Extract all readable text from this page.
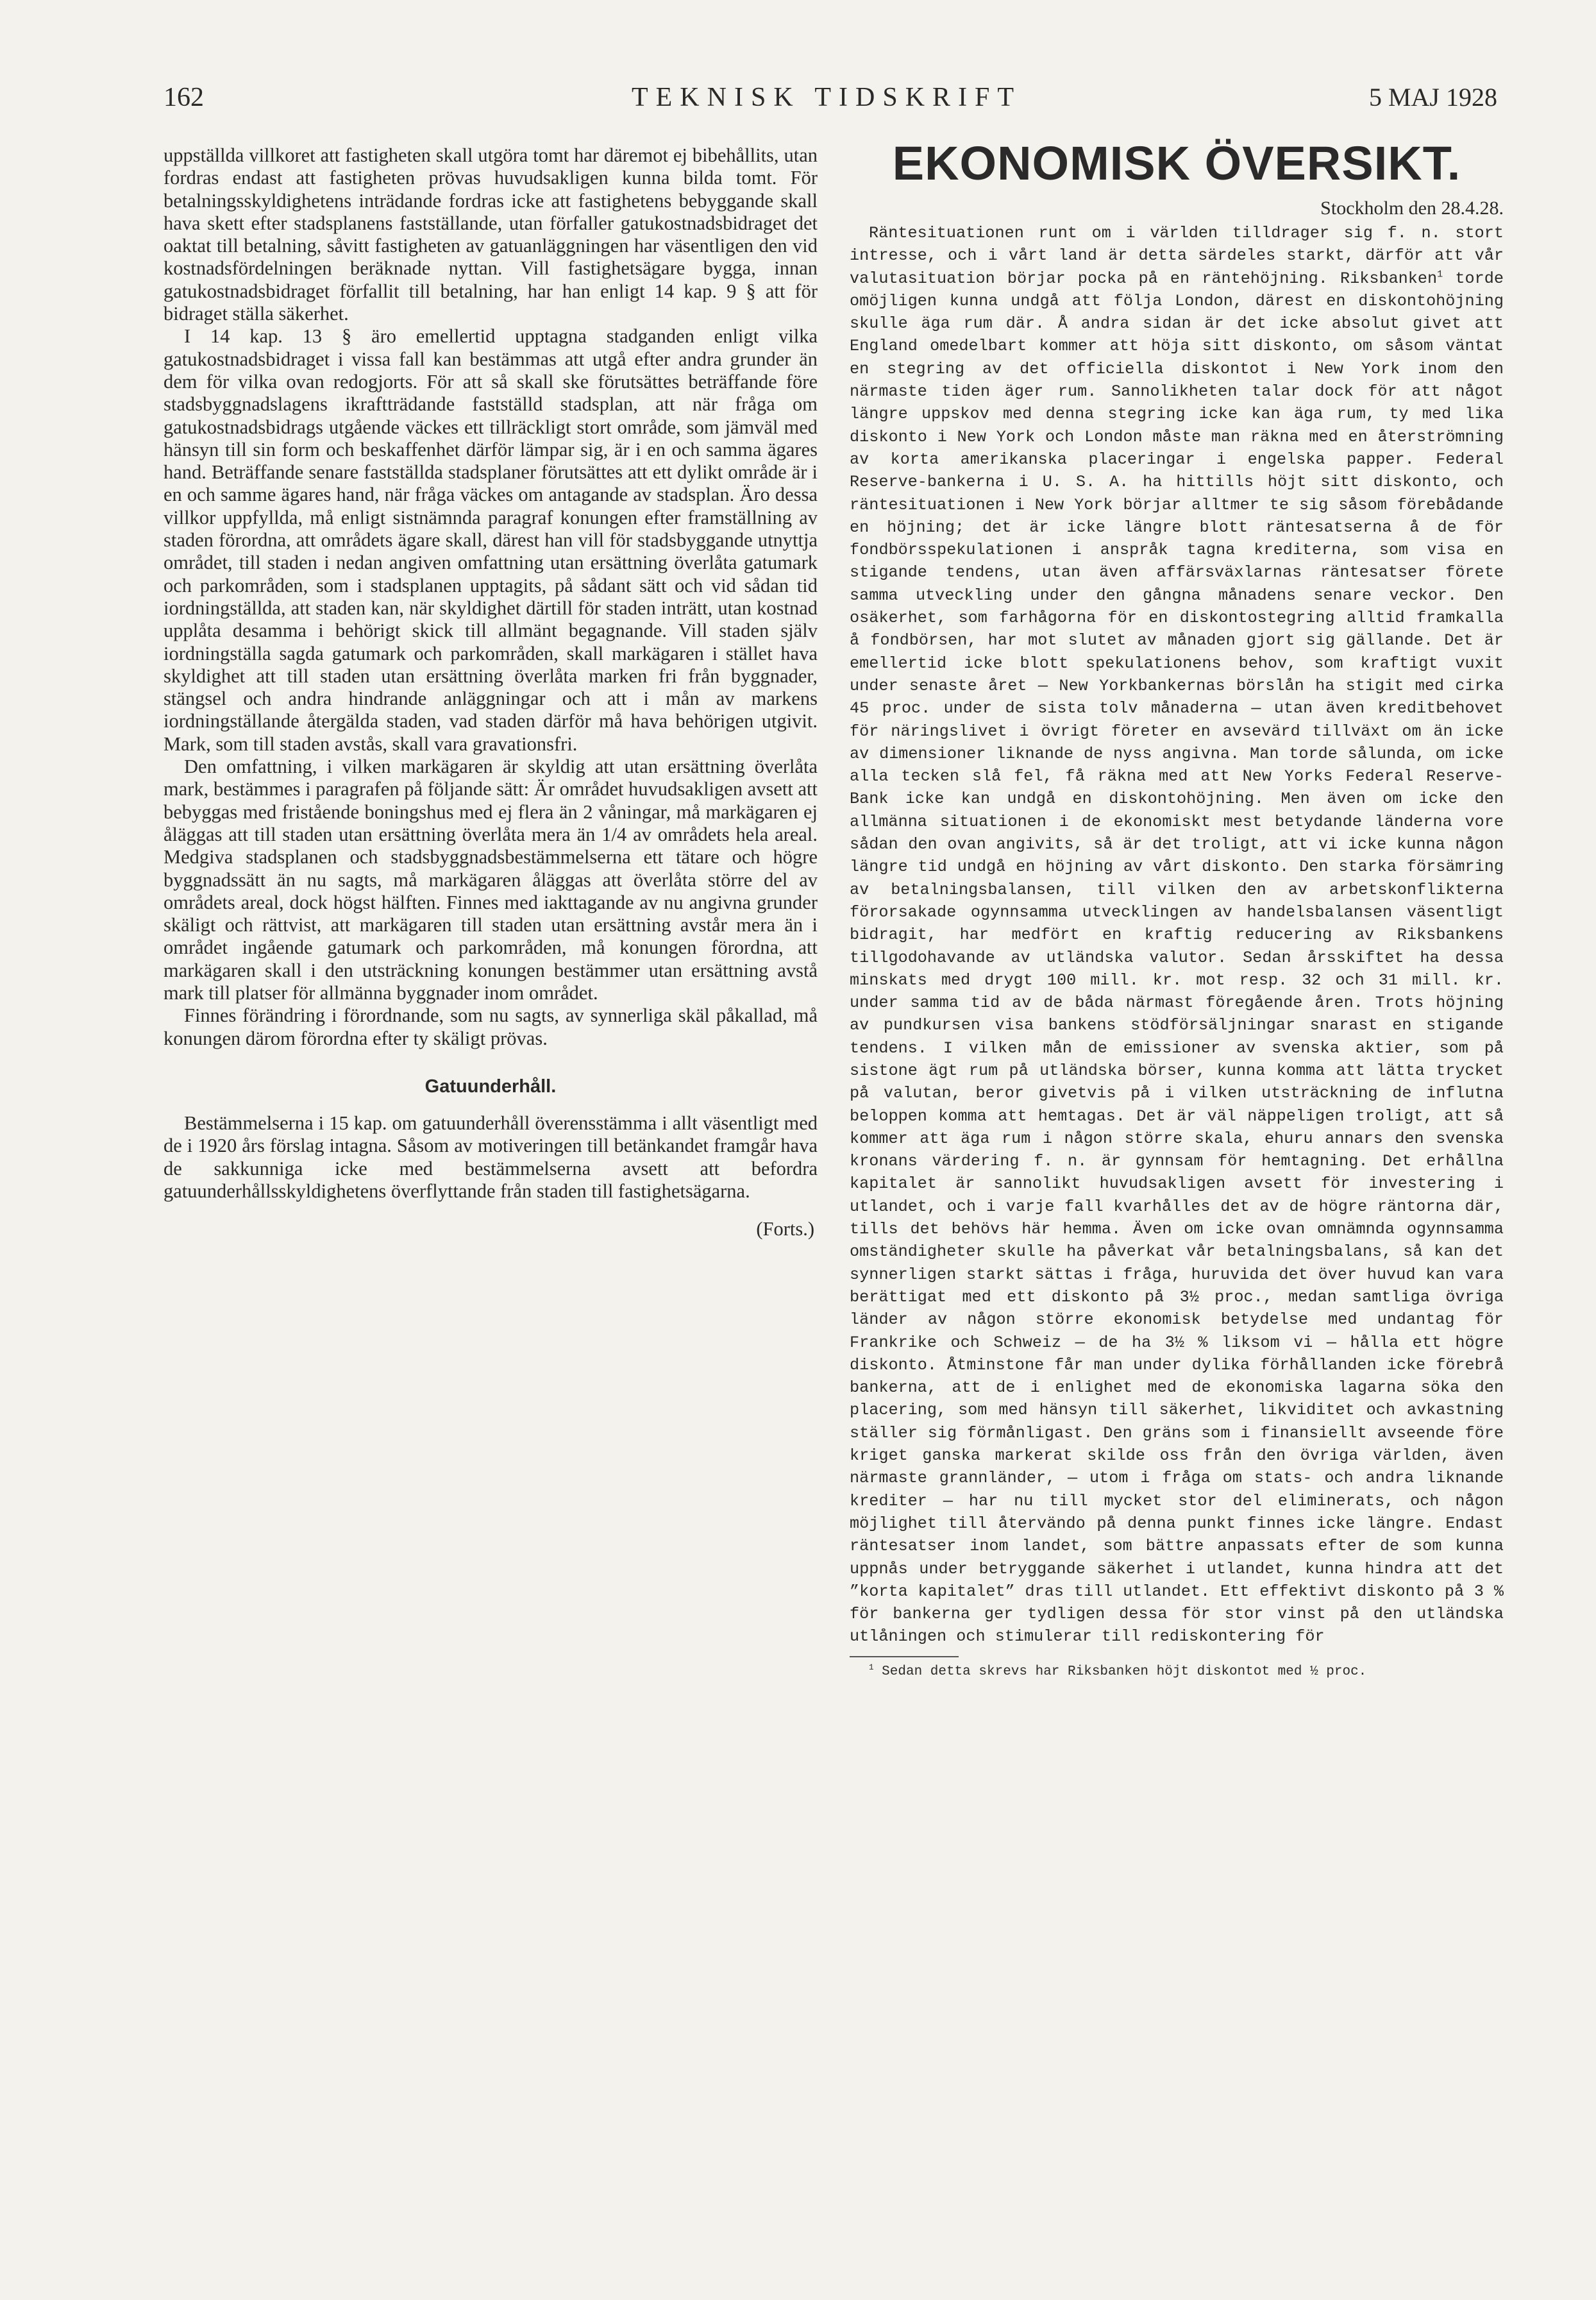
162	TEKNISK TIDSKRIFT	5 MAJ 1928

uppställda villkoret att fastigheten skall utgöra tomt har däremot ej bibehållits, utan fordras endast att fastigheten prövas huvudsakligen kunna bilda tomt. För betalningsskyldighetens inträdande fordras icke att fastighetens bebyggande skall hava skett efter stadsplanens fastställande, utan förfaller gatukostnadsbidraget det oaktat till betalning, såvitt fastigheten av gatuanläggningen har väsentligen den vid kostnadsfördelningen beräknade nyttan. Vill fastighetsägare bygga, innan gatukostnadsbidraget förfallit till betalning, har han enligt 14 kap. 9 § att för bidraget ställa säkerhet.

I 14 kap. 13 § äro emellertid upptagna stadganden enligt vilka gatukostnadsbidraget i vissa fall kan bestämmas att utgå efter andra grunder än dem för vilka ovan redogjorts. För att så skall ske förutsättes beträffande före stadsbyggnadslagens ikraftträdande fastställd stadsplan, att när fråga om gatukostnadsbidrags utgående väckes ett tillräckligt stort område, som jämväl med hänsyn till sin form och beskaffenhet därför lämpar sig, är i en och samma ägares hand. Beträffande senare fastställda stadsplaner förutsättes att ett dylikt område är i en och samme ägares hand, när fråga väckes om antagande av stadsplan. Äro dessa villkor uppfyllda, må enligt sistnämnda paragraf konungen efter framställning av staden förordna, att områdets ägare skall, därest han vill för stadsbyggande utnyttja området, till staden i nedan angiven omfattning utan ersättning överlåta gatumark och parkområden, som i stadsplanen upptagits, på sådant sätt och vid sådan tid iordningställda, att staden kan, när skyldighet därtill för staden inträtt, utan kostnad upplåta desamma i behörigt skick till allmänt begagnande. Vill staden själv iordningställa sagda gatumark och parkområden, skall markägaren i stället hava skyldighet att till staden utan ersättning överlåta marken fri från byggnader, stängsel och andra hindrande anläggningar och att i mån av markens iordningställande återgälda staden, vad staden därför må hava behörigen utgivit. Mark, som till staden avstås, skall vara gravationsfri.

Den omfattning, i vilken markägaren är skyldig att utan ersättning överlåta mark, bestämmes i paragrafen på följande sätt: Är området huvudsakligen avsett att bebyggas med fristående boningshus med ej flera än 2 våningar, må markägaren ej åläggas att till staden utan ersättning överlåta mera än 1/4 av områdets hela areal. Medgiva stadsplanen och stadsbyggnadsbestämmelserna ett tätare och högre byggnadssätt än nu sagts, må markägaren åläggas att överlåta större del av områdets areal, dock högst hälften. Finnes med iakttagande av nu angivna grunder skäligt och rättvist, att markägaren till staden utan ersättning avstår mera än i området ingående gatumark och parkområden, må konungen förordna, att markägaren skall i den utsträckning konungen bestämmer utan ersättning avstå mark till platser för allmänna byggnader inom området.

Finnes förändring i förordnande, som nu sagts, av synnerliga skäl påkallad, må konungen därom förordna efter ty skäligt prövas.

Gatuunderhåll.

Bestämmelserna i 15 kap. om gatuunderhåll överensstämma i allt väsentligt med de i 1920 års förslag intagna. Såsom av motiveringen till betänkandet framgår hava de sakkunniga icke med bestämmelserna avsett att befordra gatuunderhållsskyldighetens överflyttande från staden till fastighetsägarna.

(Forts.)

EKONOMISK ÖVERSIKT.
Stockholm den 28.4.28.

Räntesituationen runt om i världen tilldrager sig f. n. stort intresse, och i vårt land är detta särdeles starkt, därför att vår valutasituation börjar pocka på en räntehöjning. Riksbanken$^1$ torde omöjligen kunna undgå att följa London, därest en diskontohöjning skulle äga rum där. Å andra sidan är det icke absolut givet att England omedelbart kommer att höja sitt diskonto, om såsom väntat en stegring av det officiella diskontot i New York inom den närmaste tiden äger rum. Sannolikheten talar dock för att något längre uppskov med denna stegring icke kan äga rum, ty med lika diskonto i New York och London måste man räkna med en återströmning av korta amerikanska placeringar i engelska papper. Federal Reserve-bankerna i U. S. A. ha hittills höjt sitt diskonto, och räntesituationen i New York börjar alltmer te sig såsom förebådande en höjning; det är icke längre blott räntesatserna å de för fondbörsspekulationen i anspråk tagna krediterna, som visa en stigande tendens, utan även affärsväxlarnas räntesatser förete samma utveckling under den gångna månadens senare veckor. Den osäkerhet, som farhågorna för en diskontostegring alltid framkalla å fondbörsen, har mot slutet av månaden gjort sig gällande. Det är emellertid icke blott spekulationens behov, som kraftigt vuxit under senaste året — New Yorkbankernas börslån ha stigit med cirka 45 proc. under de sista tolv månaderna — utan även kreditbehovet för näringslivet i övrigt företer en avsevärd tillväxt om än icke av dimensioner liknande de nyss angivna. Man torde sålunda, om icke alla tecken slå fel, få räkna med att New Yorks Federal Reserve-Bank icke kan undgå en diskontohöjning. Men även om icke den allmänna situationen i de ekonomiskt mest betydande länderna vore sådan den ovan angivits, så är det troligt, att vi icke kunna någon längre tid undgå en höjning av vårt diskonto. Den starka försämring av betalningsbalansen, till vilken den av arbetskonflikterna förorsakade ogynnsamma utvecklingen av handelsbalansen väsentligt bidragit, har medfört en kraftig reducering av Riksbankens tillgodohavande av utländska valutor. Sedan årsskiftet ha dessa minskats med drygt 100 mill. kr. mot resp. 32 och 31 mill. kr. under samma tid av de båda närmast föregående åren. Trots höjning av pundkursen visa bankens stödförsäljningar snarast en stigande tendens. I vilken mån de emissioner av svenska aktier, som på sistone ägt rum på utländska börser, kunna komma att lätta trycket på valutan, beror givetvis på i vilken utsträckning de influtna beloppen komma att hemtagas. Det är väl näppeligen troligt, att så kommer att äga rum i någon större skala, ehuru annars den svenska kronans värdering f. n. är gynnsam för hemtagning. Det erhållna kapitalet är sannolikt huvudsakligen avsett för investering i utlandet, och i varje fall kvarhålles det av de högre räntorna där, tills det behövs här hemma. Även om icke ovan omnämnda ogynnsamma omständigheter skulle ha påverkat vår betalningsbalans, så kan det synnerligen starkt sättas i fråga, huruvida det över huvud kan vara berättigat med ett diskonto på 3½ proc., medan samtliga övriga länder av någon större ekonomisk betydelse med undantag för Frankrike och Schweiz — de ha 3½ % liksom vi — hålla ett högre diskonto. Åtminstone får man under dylika förhållanden icke förebrå bankerna, att de i enlighet med de ekonomiska lagarna söka den placering, som med hänsyn till säkerhet, likviditet och avkastning ställer sig förmånligast. Den gräns som i finansiellt avseende före kriget ganska markerat skilde oss från den övriga världen, även närmaste grannländer, — utom i fråga om stats- och andra liknande krediter — har nu till mycket stor del eliminerats, och någon möjlighet till återvändo på denna punkt finnes icke längre. Endast räntesatser inom landet, som bättre anpassats efter de som kunna uppnås under betryggande säkerhet i utlandet, kunna hindra att det ”korta kapitalet” dras till utlandet. Ett effektivt diskonto på 3 % för bankerna ger tydligen dessa för stor vinst på den utländska utlåningen och stimulerar till rediskontering för

$^1$ Sedan detta skrevs har Riksbanken höjt diskontot med ½ proc.
